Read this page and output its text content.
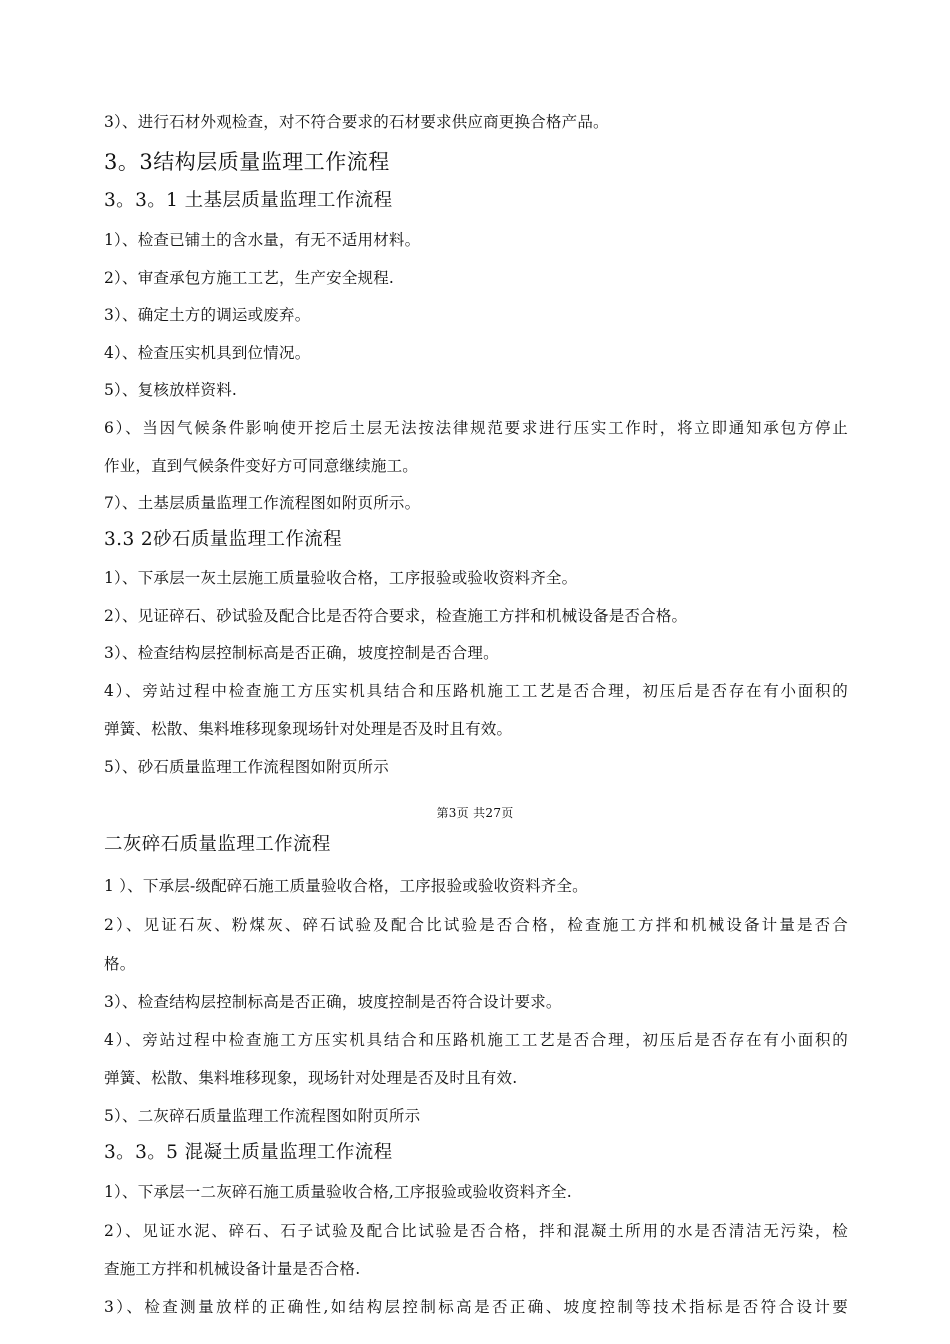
3）、进行石材外观检查，对不符合要求的石材要求供应商更换合格产品。
3。3结构层质量监理工作流程
3。3。1 土基层质量监理工作流程
1）、检查已铺土的含水量，有无不适用材料。
2）、审查承包方施工工艺，生产安全规程.
3）、确定土方的调运或废弃。
4）、检查压实机具到位情况。
5）、复核放样资料.
6）、当因气候条件影响使开挖后土层无法按法律规范要求进行压实工作时，将立即通知承包方停止
作业，直到气候条件变好方可同意继续施工。
7）、土基层质量监理工作流程图如附页所示。
3.3 2砂石质量监理工作流程
1）、下承层一灰土层施工质量验收合格，工序报验或验收资料齐全。
2）、见证碎石、砂试验及配合比是否符合要求，检查施工方拌和机械设备是否合格。
3）、检查结构层控制标高是否正确，坡度控制是否合理。
4）、旁站过程中检查施工方压实机具结合和压路机施工工艺是否合理，初压后是否存在有小面积的
弹簧、松散、集料堆移现象现场针对处理是否及时且有效。
5）、砂石质量监理工作流程图如附页所示
第3页 共27页
二灰碎石质量监理工作流程
1 ）、下承层-级配碎石施工质量验收合格，工序报验或验收资料齐全。
2）、见证石灰、粉煤灰、碎石试验及配合比试验是否合格，检查施工方拌和机械设备计量是否合
格。
3）、检查结构层控制标高是否正确，坡度控制是否符合设计要求。
4）、旁站过程中检查施工方压实机具结合和压路机施工工艺是否合理，初压后是否存在有小面积的
弹簧、松散、集料堆移现象，现场针对处理是否及时且有效.
5）、二灰碎石质量监理工作流程图如附页所示
3。3。5 混凝土质量监理工作流程
1）、下承层一二灰碎石施工质量验收合格,工序报验或验收资料齐全.
2）、见证水泥、碎石、石子试验及配合比试验是否合格，拌和混凝土所用的水是否清洁无污染，检
查施工方拌和机械设备计量是否合格.
3）、检查测量放样的正确性,如结构层控制标高是否正确、坡度控制等技术指标是否符合设计要
